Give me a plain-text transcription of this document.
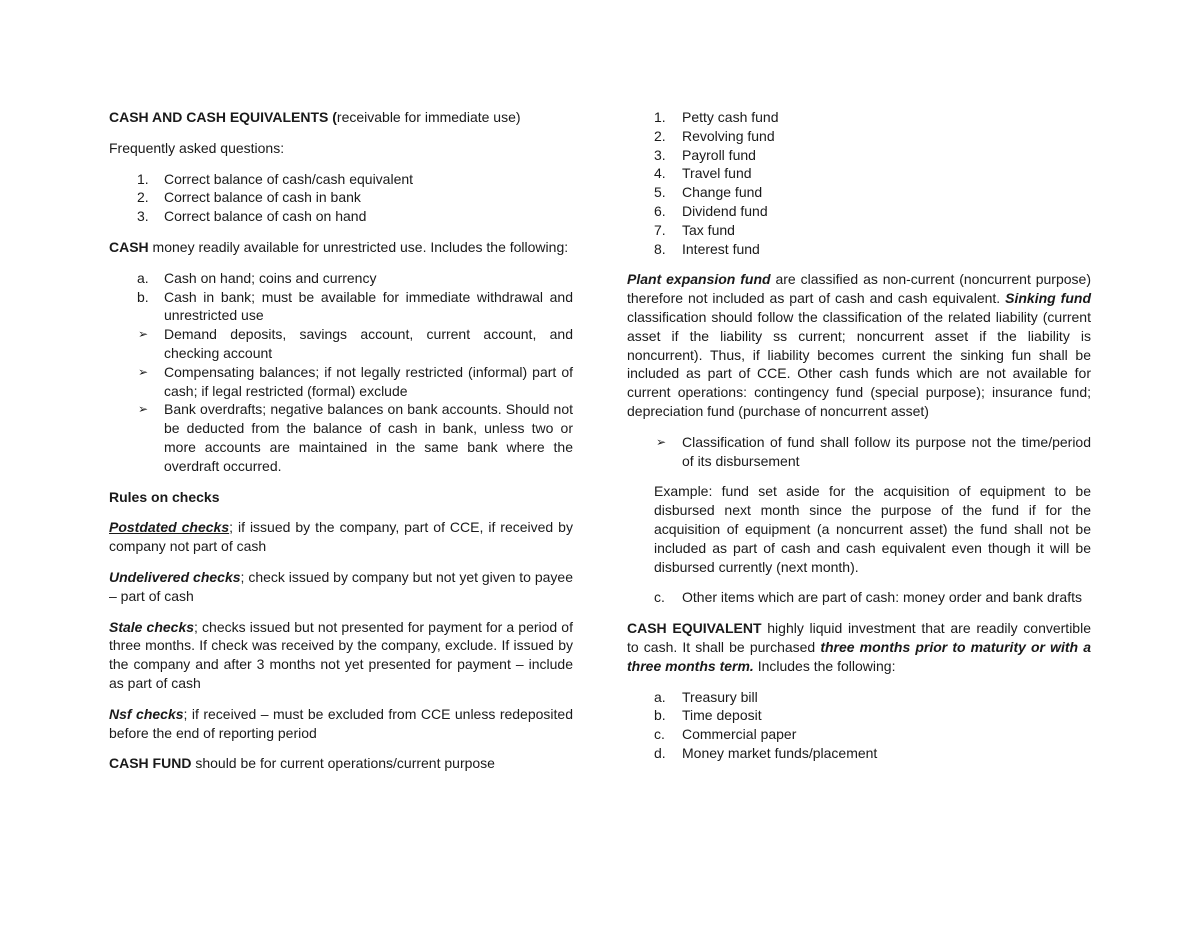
CASH AND CASH EQUIVALENTS (receivable for immediate use)

Frequently asked questions:

1. Correct balance of cash/cash equivalent
2. Correct balance of cash in bank
3. Correct balance of cash on hand

CASH money readily available for unrestricted use. Includes the following:

a. Cash on hand; coins and currency
b. Cash in bank; must be available for immediate withdrawal and unrestricted use
➢ Demand deposits, savings account, current account, and checking account
➢ Compensating balances; if not legally restricted (informal) part of cash; if legal restricted (formal) exclude
➢ Bank overdrafts; negative balances on bank accounts. Should not be deducted from the balance of cash in bank, unless two or more accounts are maintained in the same bank where the overdraft occurred.

Rules on checks

Postdated checks; if issued by the company, part of CCE, if received by company not part of cash

Undelivered checks; check issued by company but not yet given to payee – part of cash

Stale checks; checks issued but not presented for payment for a period of three months. If check was received by the company, exclude. If issued by the company and after 3 months not yet presented for payment – include as part of cash

Nsf checks; if received – must be excluded from CCE unless redeposited before the end of reporting period

CASH FUND should be for current operations/current purpose

1. Petty cash fund
2. Revolving fund
3. Payroll fund
4. Travel fund
5. Change fund
6. Dividend fund
7. Tax fund
8. Interest fund

Plant expansion fund are classified as non-current (noncurrent purpose) therefore not included as part of cash and cash equivalent. Sinking fund classification should follow the classification of the related liability (current asset if the liability ss current; noncurrent asset if the liability is noncurrent). Thus, if liability becomes current the sinking fun shall be included as part of CCE. Other cash funds which are not available for current operations: contingency fund (special purpose); insurance fund; depreciation fund (purchase of noncurrent asset)

➢ Classification of fund shall follow its purpose not the time/period of its disbursement

Example: fund set aside for the acquisition of equipment to be disbursed next month since the purpose of the fund if for the acquisition of equipment (a noncurrent asset) the fund shall not be included as part of cash and cash equivalent even though it will be disbursed currently (next month).

c. Other items which are part of cash: money order and bank drafts

CASH EQUIVALENT highly liquid investment that are readily convertible to cash. It shall be purchased three months prior to maturity or with a three months term. Includes the following:

a. Treasury bill
b. Time deposit
c. Commercial paper
d. Money market funds/placement
